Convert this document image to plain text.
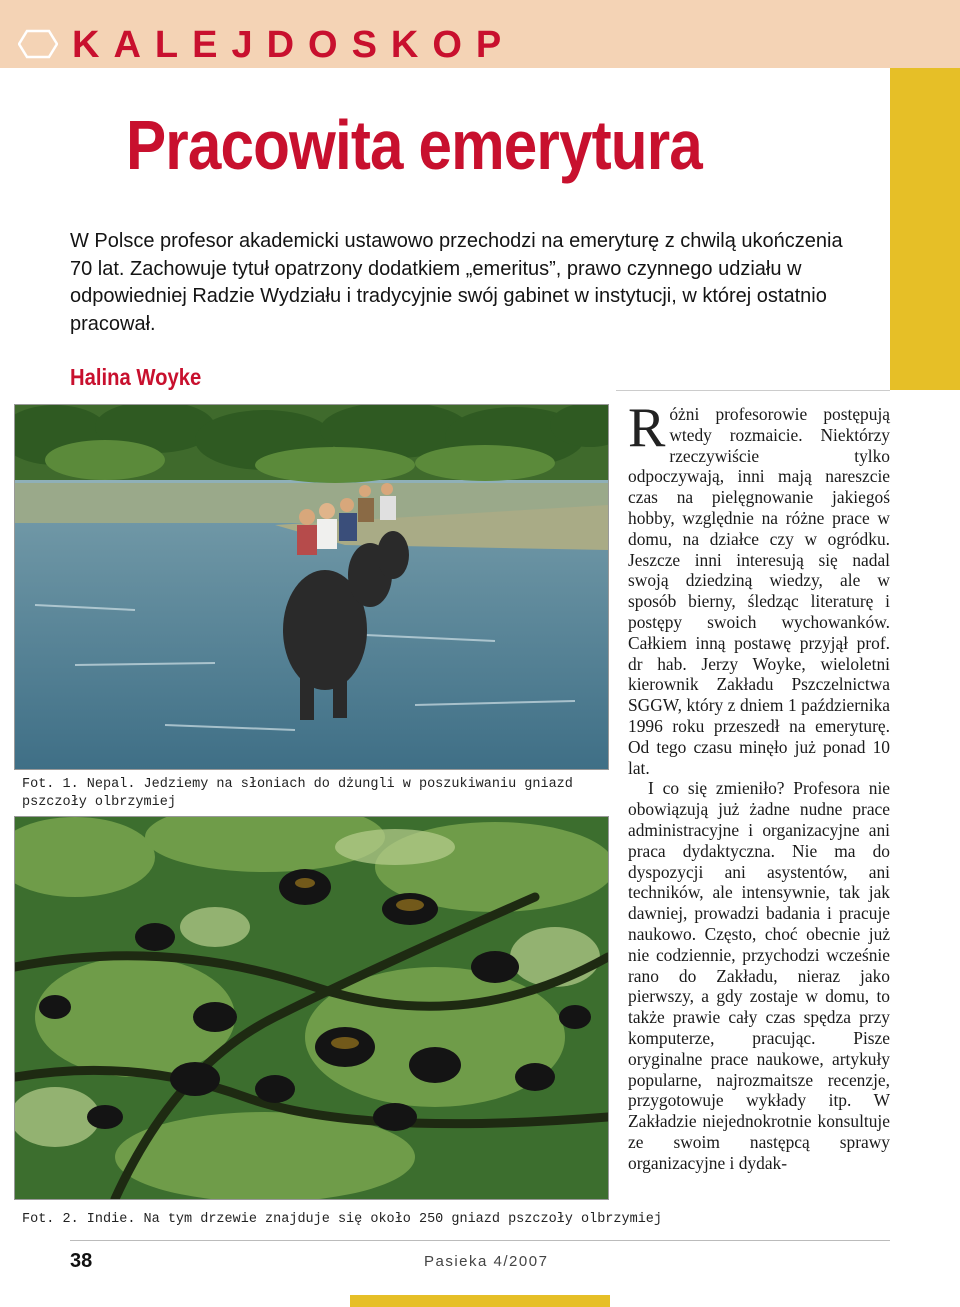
KALEJDOSKOP
Pracowita emerytura

W Polsce profesor akademicki ustawowo przechodzi na emeryturę z chwilą ukończenia 70 lat. Zachowuje tytuł opatrzony dodatkiem „emeritus”, prawo czynnego udziału w odpowiedniej Radzie Wydziału i tradycyjnie swój gabinet w instytucji, w której ostatnio pracował.

Halina Woyke

Fot. 1. Nepal. Jedziemy na słoniach do dżungli w poszukiwaniu gniazd pszczoły olbrzymiej

Fot. 2. Indie. Na tym drzewie znajduje się około 250 gniazd pszczoły olbrzymiej

Różni profesorowie postępują wtedy rozmaicie. Niektórzy rzeczywiście tylko odpoczywają, inni mają nareszcie czas na pielęgnowanie jakiegoś hobby, względnie na różne prace w domu, na działce czy w ogródku. Jeszcze inni interesują się nadal swoją dziedziną wiedzy, ale w sposób bierny, śledząc literaturę i postępy swoich wychowanków. Całkiem inną postawę przyjął prof. dr hab. Jerzy Woyke, wieloletni kierownik Zakładu Pszczelnictwa SGGW, który z dniem 1 października 1996 roku przeszedł na emeryturę. Od tego czasu minęło już ponad 10 lat.

I co się zmieniło? Profesora nie obowiązują już żadne nudne prace administracyjne i organizacyjne ani praca dydaktyczna. Nie ma do dyspozycji ani asystentów, ani techników, ale intensywnie, tak jak dawniej, prowadzi badania i pracuje naukowo. Często, choć obecnie już nie codziennie, przychodzi wcześnie rano do Zakładu, nieraz jako pierwszy, a gdy zostaje w domu, to także prawie cały czas spędza przy komputerze, pracując. Pisze oryginalne prace naukowe, artykuły popularne, najrozmaitsze recenzje, przygotowuje wykłady itp. W Zakładzie niejednokrotnie konsultuje ze swoim następcą sprawy organizacyjne i dydak-

38	Pasieka 4/2007
